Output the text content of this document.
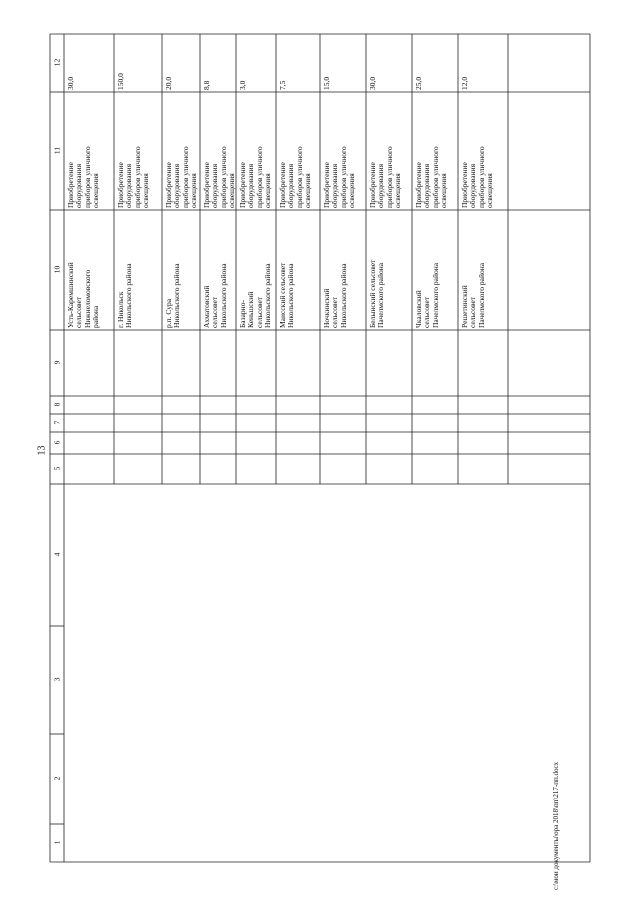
13
1
2
3
4
5
6
7
8
9
10
11
12
Усть-Каремшинский
сельсовет
Нижнеломовского
района
Приобретение
оборудования
приборов уличного
освещения
30,0
г. Никольск
Никольского района
Приобретение
оборудования
приборов уличного
освещения
150,0
р.п. Сура
Никольского района
Приобретение
оборудования
приборов уличного
освещения
20,0
Ахматовский
сельсовет
Никольского района
Приобретение
оборудования
приборов уличного
освещения
8,8
Базарно-
Кеньшский
сельсовет
Никольского района
Приобретение
оборудования
приборов уличного
освещения
3,0
Маисский сельсовет
Никольского района
Приобретение
оборудования
приборов уличного
освещения
7,5
Ночкинский
сельсовет
Никольского района
Приобретение
оборудования
приборов уличного
освещения
15,0
Белынский сельсовет
Пачелмского района
Приобретение
оборудования
приборов уличного
освещения
30,0
Чкаловский
сельсовет
Пачелмского района
Приобретение
оборудования
приборов уличного
освещения
25,0
Решетинский
сельсовет
Пачелмского района
Приобретение
оборудования
приборов уличного
освещения
12,0
c:\мои документы\ора 2018\пп\217-пп.docx
